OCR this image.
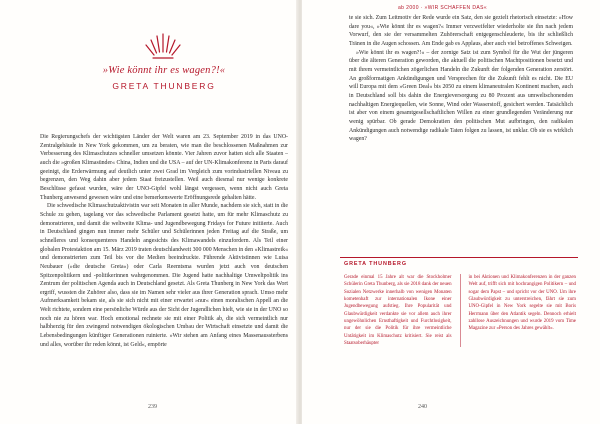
»Wie könnt ihr es wagen?!«
GRETA THUNBERG

Die Regierungschefs der wichtigsten Länder der Welt waren am 23. September 2019 in das UNO-Zentralgebäude in New York gekommen, um zu beraten, wie man die beschlossenen Maßnahmen zur Verbesserung des Klimaschutzes schneller umsetzen könnte. Vier Jahren zuvor hatten sich alle Staaten – auch die »großen Klimasünder« China, Indien und die USA – auf der UN-Klimakonferenz in Paris darauf geeinigt, die Erderwärmung auf deutlich unter zwei Grad im Vergleich zum vorindustriellen Niveau zu begrenzen, den Weg dahin aber jedem Staat freizustellen. Weil auch diesmal nur wenige konkrete Beschlüsse gefasst wurden, wäre der UNO-Gipfel wohl längst vergessen, wenn nicht auch Greta Thunberg anwesend gewesen wäre und eine bemerkenswerte Eröffnungsrede gehalten hätte.

Die schwedische Klimaschutzaktivistin war seit Monaten in aller Munde, nachdem sie sich, statt in die Schule zu gehen, tagelang vor das schwedische Parlament gesetzt hatte, um für mehr Klimaschutz zu demonstrieren, und damit die weltweite Klima- und Jugendbewegung Fridays for Future initiierte. Auch in Deutschland gingen nun immer mehr Schüler und Schülerinnen jeden Freitag auf die Straße, um schnelleres und konsequenteres Handeln angesichts des Klimawandels einzufordern. Als Teil einer globalen Protestaktion am 15. März 2019 traten deutschlandweit 300 000 Menschen in den »Klimastreik« und demonstrierten zum Teil bis vor die Medien beeindruckte. Führende Aktivistinnen wie Luisa Neubauer (»die deutsche Greta«) oder Carla Reemtsma wurden jetzt auch von deutschen Spitzenpolitikern und -politikerinnen wahrgenommen. Die Jugend hatte nachhaltige Umweltpolitik ins Zentrum der politischen Agenda auch in Deutschland gesetzt. Als Greta Thunberg in New York das Wort ergriff, wussten die Zuhörer also, dass sie im Namen sehr vieler aus ihrer Generation sprach. Umso mehr Aufmerksamkeit bekam sie, als sie sich nicht mit einer erwartet »nur« einen moralischen Appell an die Welt richtete, sondern eine persönliche Würde aus der Sicht der Jugendlichen hielt, wie sie in der UNO so noch nie zu hören war. Hoch emotional rechnete sie mit einer Politik ab, die sich vermeintlich nur halbherzig für den zwingend notwendigen ökologischen Umbau der Wirtschaft einsetzte und damit die Lebensbedingungen künftiger Generationen ruinierte. »Wir stehen am Anfang eines Massenaussterbens und alles, worüber ihr reden könnt, ist Geld«, empörte

239
ab 2000 · »WIR SCHAFFEN DAS«

te sie sich. Zum Leitmotiv der Rede wurde ein Satz, den sie gezielt rhetorisch einsetzte: »How dare you«, »Wie könnt ihr es wagen?« Immer verzweifelter wiederholte sie ihn nach jedem Vorwurf, den sie der versammelten Zuhörerschaft entgegenschleuderte, bis ihr schließlich Tränen in die Augen schossen. Am Ende gab es Applaus, aber auch viel betroffenes Schweigen.

»Wie könnt ihr es wagen?!« – der zornige Satz ist zum Symbol für die Wut der jüngeren über die älteren Generation geworden, die aktuell die politischen Machtpositionen besetzt und mit ihrem vermeintlichen zögerlichen Handeln die Zukunft der folgenden Generation zerstört. An großformatigen Ankündigungen und Versprechen für die Zukunft fehlt es nicht. Die EU will Europa mit dem »Green Deal« bis 2050 zu einem klimaneutralen Kontinent machen, auch in Deutschland soll bis dahin die Energieversorgung zu 80 Prozent aus umweltschonenden nachhaltigen Energiequellen, wie Sonne, Wind oder Wasserstoff, gesichert werden. Tatsächlich ist aber von einem gesamtgesellschaftlichen Willen zu einer grundlegenden Veränderung nur wenig spürbar. Ob gerade Demokratien den politischen Mut aufbringen, den radikalen Ankündigungen auch notwendige radikale Taten folgen zu lassen, ist unklar. Ob sie es wirklich wagen?

GRETA THUNBERG
Gerade einmal 15 Jahre alt war die Stockholmer Schülerin Greta Thunberg, als sie 2018 dank der neuen Sozialen Netzwerke innerhalb von wenigen Monaten kometenhaft zur internationalen Ikone einer Jugendbewegung aufstieg. Ihre Popularität und Glaubwürdigkeit verdankte sie vor allem auch ihrer ungewöhnlichen Ernsthaftigkeit und Furchtlosigkeit, nur der sie die Politik für ihre vermeintliche Untätigkeit im Klimaschutz kritisiert. Sie reist als Staatsoberhäupter
in bei Aktionen und Klimakonferenzen in der ganzen Welt auf, trifft sich mit hochrangigen Politikern – und sogar dem Papst – und spricht vor der UNO. Um ihre Glaubwürdigkeit zu unterstreichen, fährt sie zum UNO-Gipfel in New York segelte sie mit Boris Herrmann über den Atlantik segeln. Dennoch erhielt zahllose Auszeichnungen und wurde 2019 vom Time Magazine zur »Person des Jahres gewählt«.
240
